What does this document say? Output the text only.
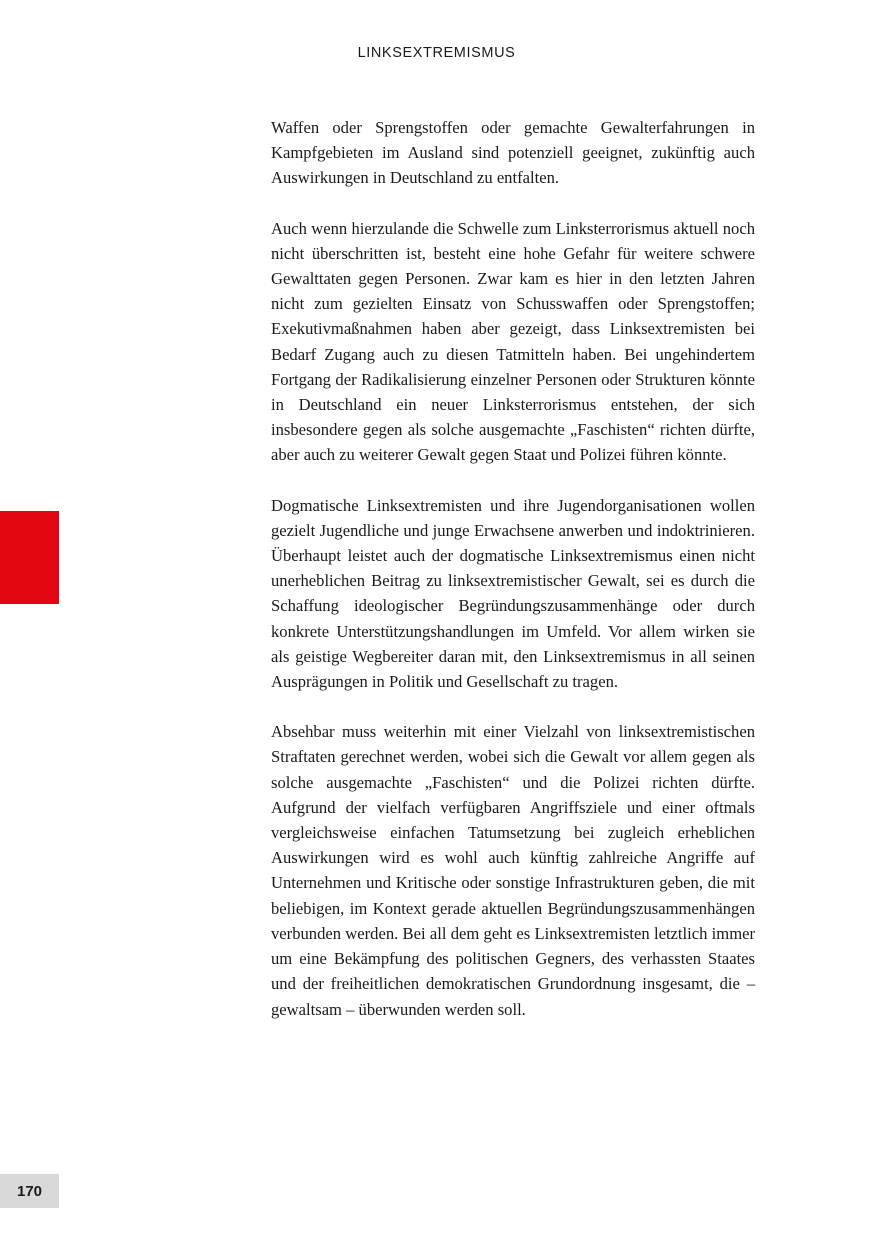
LINKSEXTREMISMUS

Waffen oder Sprengstoffen oder gemachte Gewalterfahrungen in Kampfgebieten im Ausland sind potenziell geeignet, zukünftig auch Auswirkungen in Deutschland zu entfalten.

Auch wenn hierzulande die Schwelle zum Linksterrorismus aktuell noch nicht überschritten ist, besteht eine hohe Gefahr für weitere schwere Gewalttaten gegen Personen. Zwar kam es hier in den letzten Jahren nicht zum gezielten Einsatz von Schusswaffen oder Sprengstoffen; Exekutivmaßnahmen haben aber gezeigt, dass Linksextremisten bei Bedarf Zugang auch zu diesen Tatmitteln haben. Bei ungehindertem Fortgang der Radikalisierung einzelner Personen oder Strukturen könnte in Deutschland ein neuer Linksterrorismus entstehen, der sich insbesondere gegen als solche ausgemachte „Faschisten“ richten dürfte, aber auch zu weiterer Gewalt gegen Staat und Polizei führen könnte.

Dogmatische Linksextremisten und ihre Jugendorganisationen wollen gezielt Jugendliche und junge Erwachsene anwerben und indoktrinieren. Überhaupt leistet auch der dogmatische Linksextremismus einen nicht unerheblichen Beitrag zu linksextremistischer Gewalt, sei es durch die Schaffung ideologischer Begründungszusammenhänge oder durch konkrete Unterstützungshandlungen im Umfeld. Vor allem wirken sie als geistige Wegbereiter daran mit, den Linksextremismus in all seinen Ausprägungen in Politik und Gesellschaft zu tragen.

Absehbar muss weiterhin mit einer Vielzahl von linksextremistischen Straftaten gerechnet werden, wobei sich die Gewalt vor allem gegen als solche ausgemachte „Faschisten“ und die Polizei richten dürfte. Aufgrund der vielfach verfügbaren Angriffsziele und einer oftmals vergleichsweise einfachen Tatumsetzung bei zugleich erheblichen Auswirkungen wird es wohl auch künftig zahlreiche Angriffe auf Unternehmen und Kritische oder sonstige Infrastrukturen geben, die mit beliebigen, im Kontext gerade aktuellen Begründungszusammenhängen verbunden werden. Bei all dem geht es Linksextremisten letztlich immer um eine Bekämpfung des politischen Gegners, des verhassten Staates und der freiheitlichen demokratischen Grundordnung insgesamt, die – gewaltsam – überwunden werden soll.

170
